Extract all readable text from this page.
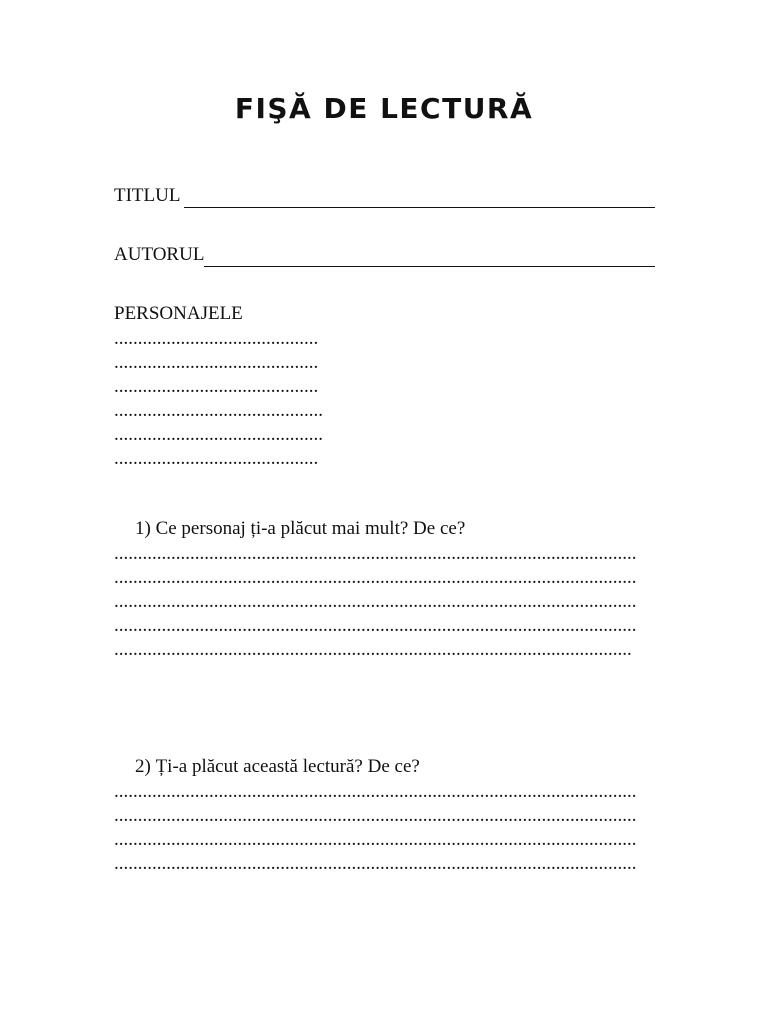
FIŞĂ DE LECTURĂ
TITLUL
AUTORUL
PERSONAJELE
...........................................
...........................................
...........................................
............................................
............................................
...........................................
1) Ce personaj ți-a plăcut mai mult? De ce?
..............................................................................................................
..............................................................................................................
..............................................................................................................
..............................................................................................................
.............................................................................................................
2) Ți-a plăcut această lectură? De ce?
..............................................................................................................
..............................................................................................................
..............................................................................................................
..............................................................................................................
